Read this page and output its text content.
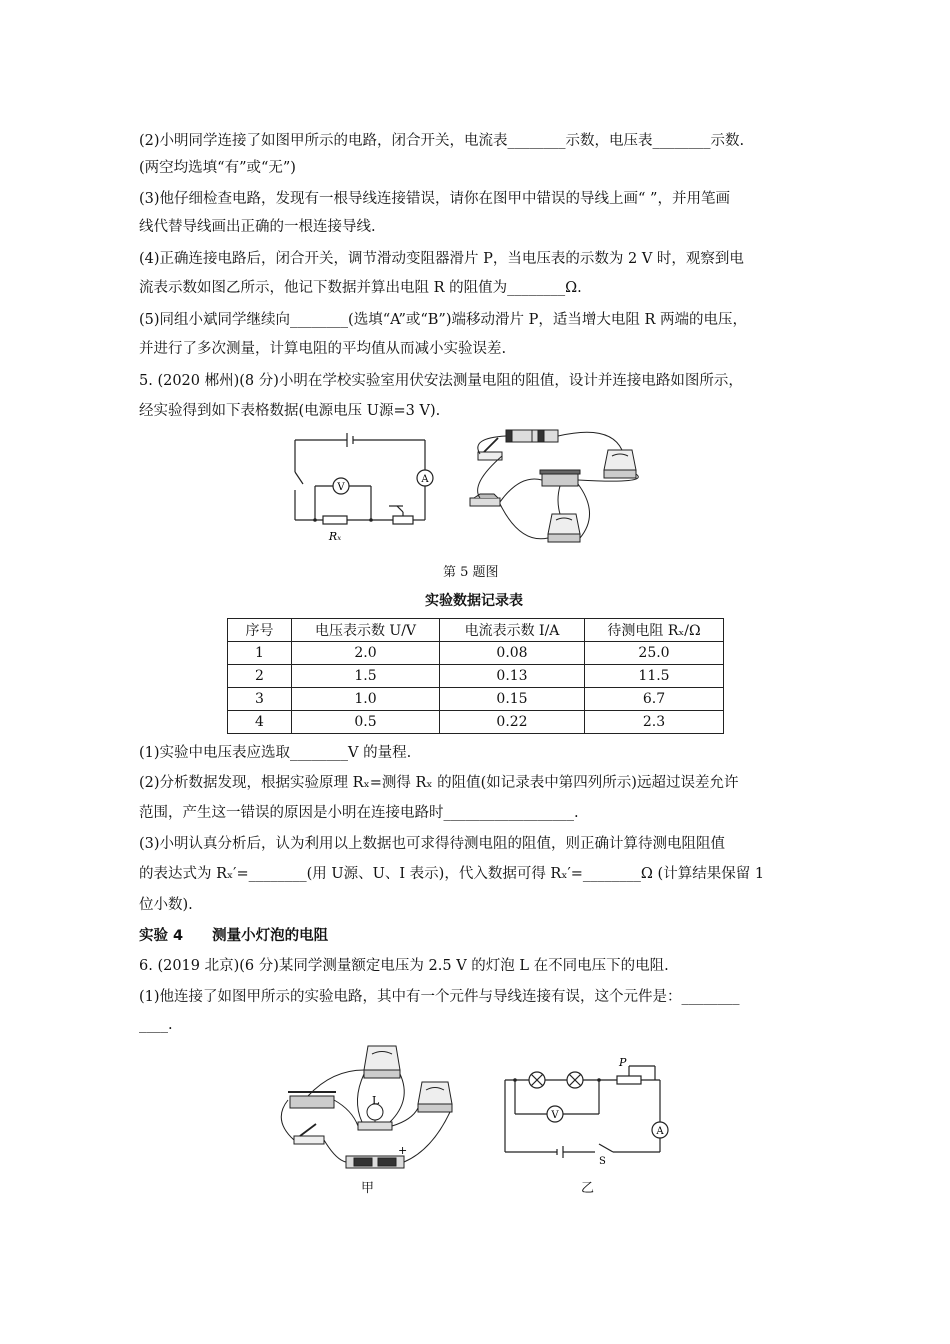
(2)小明同学连接了如图甲所示的电路，闭合开关，电流表________示数，电压表________示数.
(两空均选填“有”或“无”)
(3)他仔细检查电路，发现有一根导线连接错误，请你在图甲中错误的导线上画“ ”，并用笔画
线代替导线画出正确的一根连接导线.
(4)正确连接电路后，闭合开关，调节滑动变阻器滑片 P，当电压表的示数为 2 V 时，观察到电
流表示数如图乙所示，他记下数据并算出电阻 R 的阻值为________Ω.
(5)同组小斌同学继续向________(选填“A”或“B”)端移动滑片 P，适当增大电阻 R 两端的电压，
并进行了多次测量，计算电阻的平均值从而减小实验误差.
5. (2020 郴州)(8 分)小明在学校实验室用伏安法测量电阻的阻值，设计并连接电路如图所示，
经实验得到如下表格数据(电源电压 U源=3 V).
V
A
Rₓ
第 5 题图
实验数据记录表
序号	电压表示数 U/V	电流表示数 I/A	待测电阻 Rₓ/Ω
1	2.0	0.08	25.0
2	1.5	0.13	11.5
3	1.0	0.15	6.7
4	0.5	0.22	2.3
(1)实验中电压表应选取________V 的量程.
(2)分析数据发现，根据实验原理 Rₓ=测得 Rₓ 的阻值(如记录表中第四列所示)远超过误差允许
范围，产生这一错误的原因是小明在连接电路时__________________.
(3)小明认真分析后，认为利用以上数据也可求得待测电阻的阻值，则正确计算待测电阻阻值
的表达式为 Rₓ′=________(用 U源、U、I 表示)，代入数据可得 Rₓ′=________Ω (计算结果保留 1
位小数).
实验 4　　测量小灯泡的电阻
6. (2019 北京)(6 分)某同学测量额定电压为 2.5 V 的灯泡 L 在不同电压下的电阻.
(1)他连接了如图甲所示的实验电路，其中有一个元件与导线连接有误，这个元件是：________
____.
L
+
甲
V
A
P
S
乙
